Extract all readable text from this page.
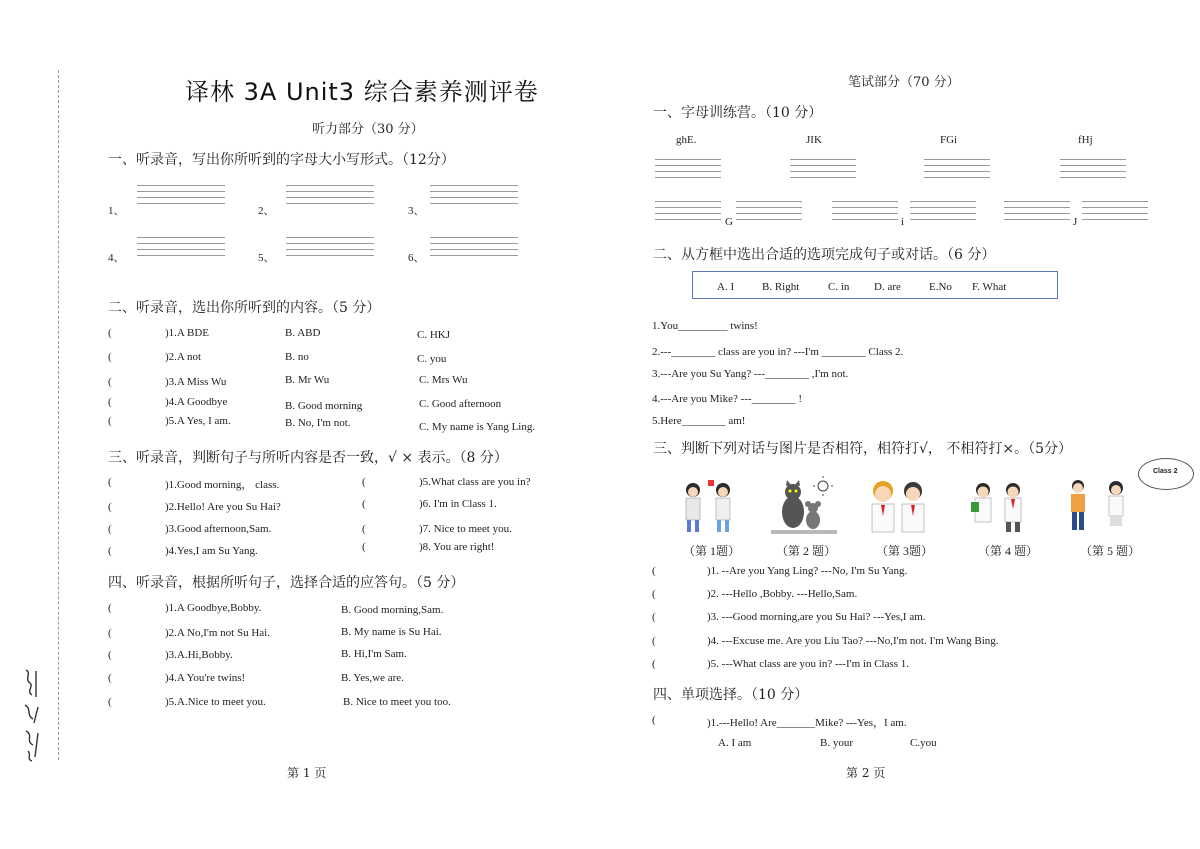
译林 3A Unit3 综合素养测评卷
听力部分（30 分）
一、听录音，写出你所听到的字母大小写形式。（12分）
1、	2、	3、
4、	5、	6、
二、听录音，选出你所听到的内容。（5 分）
(	)1.A BDE	B. ABD	C. HKJ
(	)2.A not	B. no	C. you
(	)3.A Miss Wu	B. Mr Wu	C. Mrs Wu
(	)4.A Goodbye	B. Good morning	C. Good afternoon
(	)5.A Yes, I am.	B. No, I'm not.	C. My name is Yang Ling.
三、听录音，判断句子与所听内容是否一致，√ × 表示。（8 分）
(	)1.Good morning， class.	(	)5.What class are you in?
(	)2.Hello! Are you Su Hai?	(	)6. I'm in Class 1.
(	)3.Good afternoon,Sam.	(	)7. Nice to meet you.
(	)4.Yes,I am Su Yang.	(	)8. You are right!
四、听录音，根据所听句子，选择合适的应答句。（5 分）
(	)1.A Goodbye,Bobby.	B. Good morning,Sam.
(	)2.A No,I'm not Su Hai.	B. My name is Su Hai.
(	)3.A.Hi,Bobby.	B. Hi,I'm Sam.
(	)4.A You're twins!	B. Yes,we are.
(	)5.A.Nice to meet you.	B. Nice to meet you too.
第 1 页
笔试部分（70 分）
一、字母训练营。（10 分）
ghE.	JIK	FGi	fHj
G	i	J
二、从方框中选出合适的选项完成句子或对话。（6 分）
A. I	B. Right	C. in D. are	E.No F. What
1.You_________ twins!
2.---________ class are you in? ---I'm ________ Class 2.
3.---Are you Su Yang? ---________ ,I'm not.
4.---Are you Mike? ---________ !
5.Here________ am!
三、判断下列对话与图片是否相符，相符打√， 不相符打×。（5分）
Class 2
（第 1题）	（第 2 题）	（第 3题）	（第 4 题）	（第 5 题）
(	)1. --Are you Yang Ling? ---No, I'm Su Yang.
(	)2. ---Hello ,Bobby. ---Hello,Sam.
(	)3. ---Good morning,are you Su Hai? ---Yes,I am.
(	)4. ---Excuse me. Are you Liu Tao? ---No,I'm not. I'm Wang Bing.
(	)5. ---What class are you in? ---I'm in Class 1.
四、单项选择。（10 分）
(	)1.---Hello! Are_______Mike? ---Yes，I am.
A. I am	B. your	C.you
第 2 页
